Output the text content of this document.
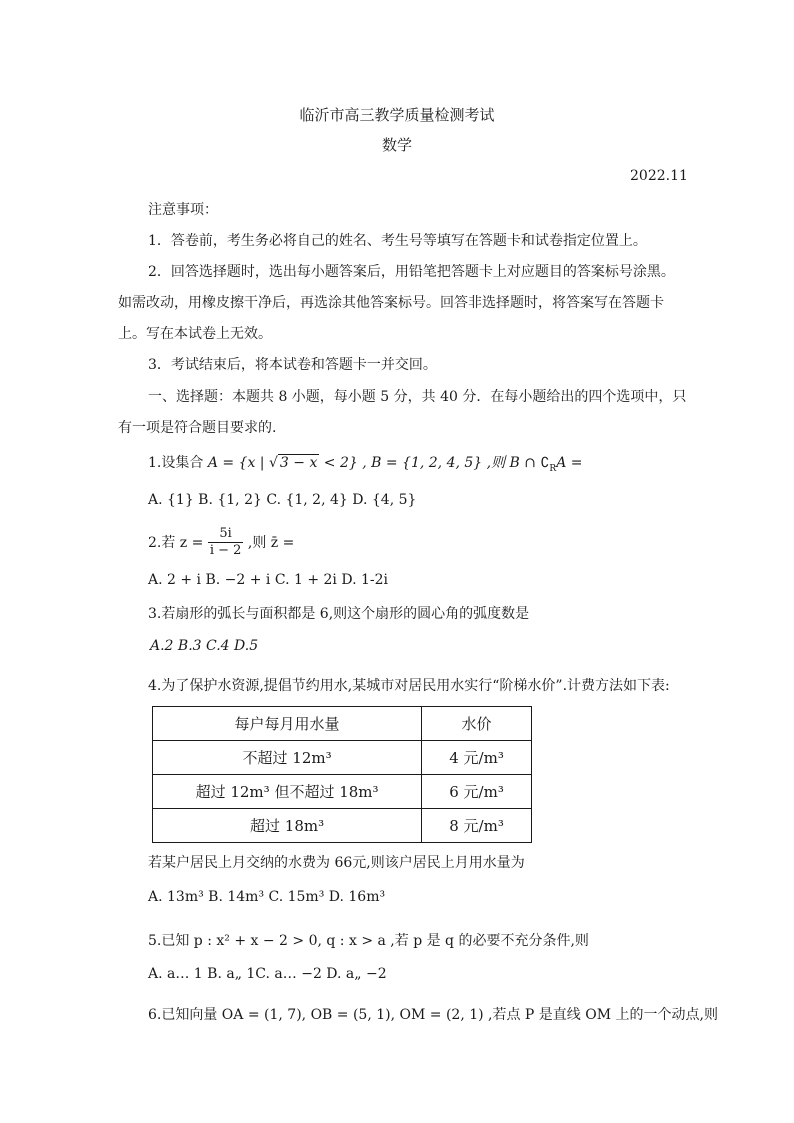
临沂市高三教学质量检测考试
数学
2022.11
注意事项：
1．答卷前，考生务必将自己的姓名、考生号等填写在答题卡和试卷指定位置上。
2．回答选择题时，选出每小题答案后，用铅笔把答题卡上对应题目的答案标号涂黑。
如需改动，用橡皮擦干净后，再选涂其他答案标号。回答非选择题时，将答案写在答题卡
上。写在本试卷上无效。
3．考试结束后，将本试卷和答题卡一并交回。
一、选择题：本题共 8 小题，每小题 5 分，共 40 分．在每小题给出的四个选项中，只
有一项是符合题目要求的.
1.设集合 A = {x | √ 3 − x < 2} , B = {1, 2, 4, 5} ,则 B ∩ $∁_RA$ =
A. {1} B. {1, 2} C. {1, 2, 4} D. {4, 5}
2.若 $z = \frac{5i}{i - 2}$ ,则 z̄ =
A. 2 + i B. −2 + i C. 1 + 2i D. 1-2i
3.若扇形的弧长与面积都是 6,则这个扇形的圆心角的弧度数是
A.2 B.3 C.4 D.5
4.为了保护水资源,提倡节约用水,某城市对居民用水实行“阶梯水价”.计费方法如下表:
每户每月用水量	水价
不超过 12m³	4 元/m³
超过 12m³ 但不超过 18m³	6 元/m³
超过 18m³	8 元/m³
若某户居民上月交纳的水费为 66元,则该户居民上月用水量为
A. 13m³ B. 14m³ C. 15m³ D. 16m³
5.已知 p : x² + x − 2 > 0, q : x > a ,若 p 是 q 的必要不充分条件,则
A. a… 1 B. a„ 1C. a… −2 D. a„ −2
6.已知向量 OA = (1, 7), OB = (5, 1), OM = (2, 1) ,若点 P 是直线 OM 上的一个动点,则
